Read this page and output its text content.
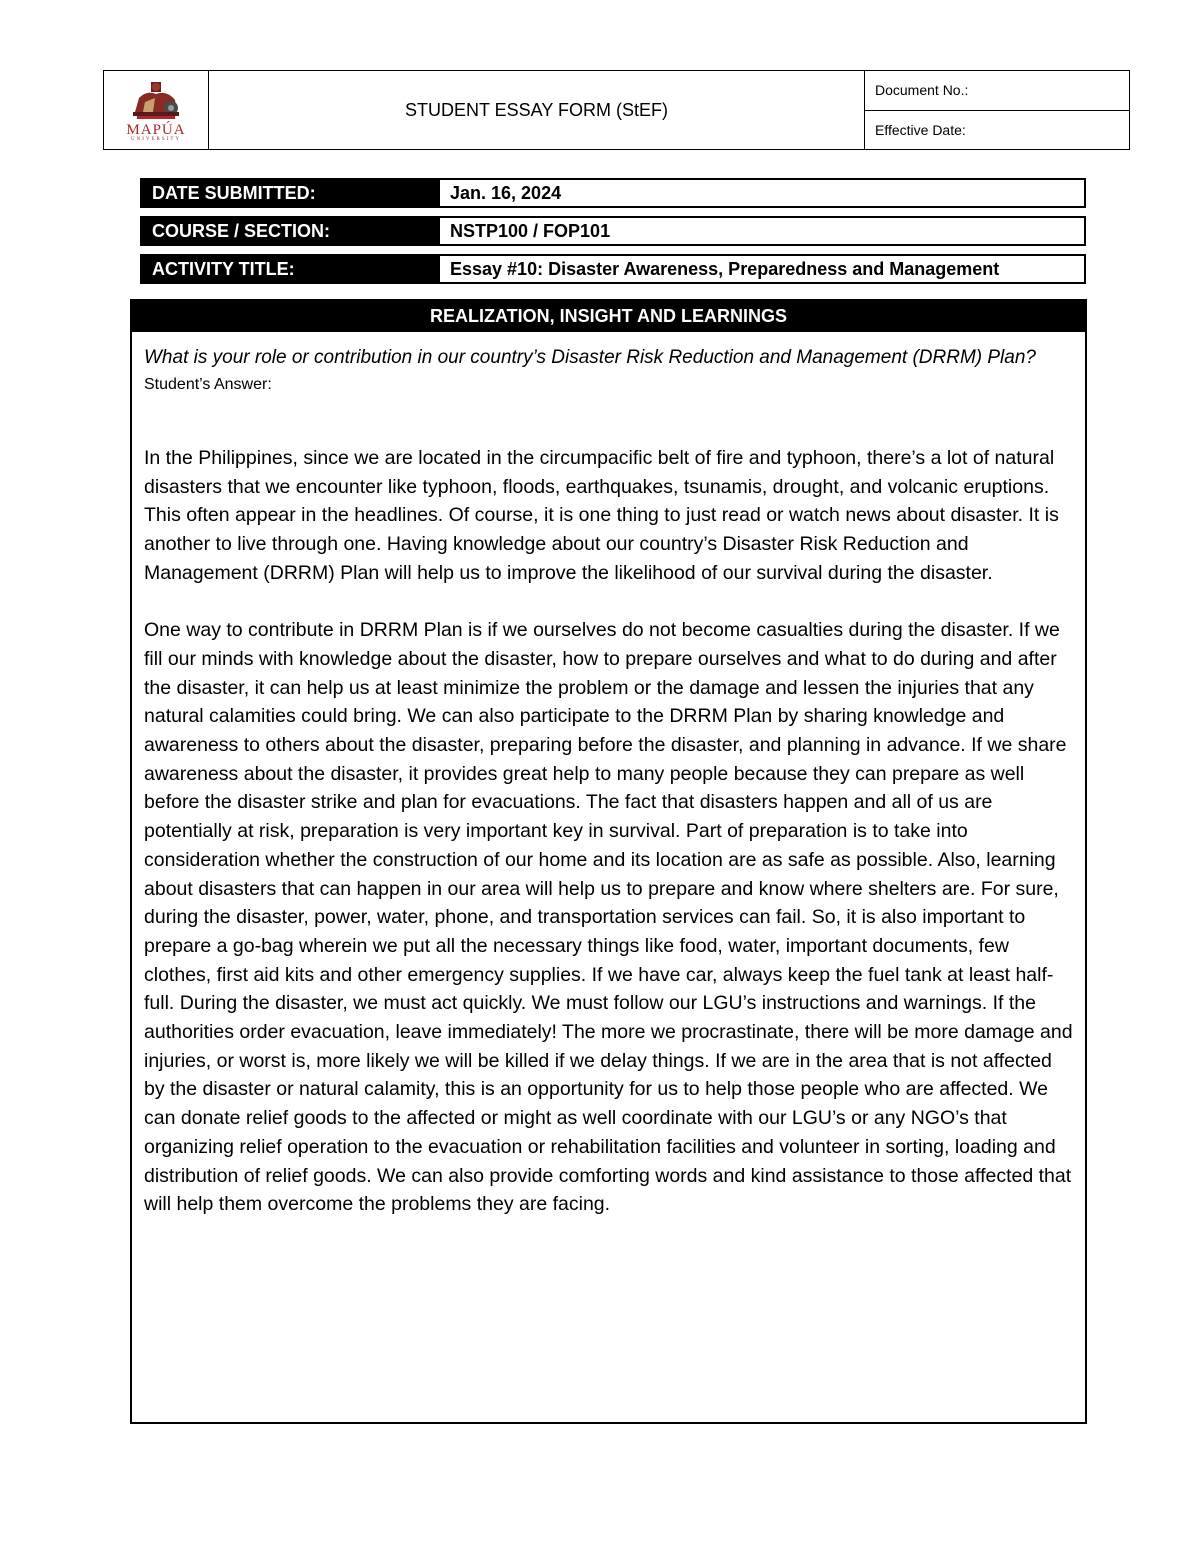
MAPÚA
UNIVERSITY
STUDENT ESSAY FORM (StEF)
Document No.:
Effective Date:
DATE SUBMITTED:	Jan. 16, 2024
COURSE / SECTION:	NSTP100 / FOP101
ACTIVITY TITLE:	Essay #10: Disaster Awareness, Preparedness and Management
REALIZATION, INSIGHT AND LEARNINGS
What is your role or contribution in our country’s Disaster Risk Reduction and Management (DRRM) Plan?
Student’s Answer:

In the Philippines, since we are located in the circumpacific belt of fire and typhoon, there’s a lot of natural disasters that we encounter like typhoon, floods, earthquakes, tsunamis, drought, and volcanic eruptions. This often appear in the headlines. Of course, it is one thing to just read or watch news about disaster. It is another to live through one. Having knowledge about our country’s Disaster Risk Reduction and Management (DRRM) Plan will help us to improve the likelihood of our survival during the disaster.

One way to contribute in DRRM Plan is if we ourselves do not become casualties during the disaster. If we fill our minds with knowledge about the disaster, how to prepare ourselves and what to do during and after the disaster, it can help us at least minimize the problem or the damage and lessen the injuries that any natural calamities could bring. We can also participate to the DRRM Plan by sharing knowledge and awareness to others about the disaster, preparing before the disaster, and planning in advance. If we share awareness about the disaster, it provides great help to many people because they can prepare as well before the disaster strike and plan for evacuations. The fact that disasters happen and all of us are potentially at risk, preparation is very important key in survival. Part of preparation is to take into consideration whether the construction of our home and its location are as safe as possible. Also, learning about disasters that can happen in our area will help us to prepare and know where shelters are. For sure, during the disaster, power, water, phone, and transportation services can fail. So, it is also important to prepare a go-bag wherein we put all the necessary things like food, water, important documents, few clothes, first aid kits and other emergency supplies. If we have car, always keep the fuel tank at least half-full. During the disaster, we must act quickly. We must follow our LGU’s instructions and warnings. If the authorities order evacuation, leave immediately! The more we procrastinate, there will be more damage and injuries, or worst is, more likely we will be killed if we delay things. If we are in the area that is not affected by the disaster or natural calamity, this is an opportunity for us to help those people who are affected. We can donate relief goods to the affected or might as well coordinate with our LGU’s or any NGO’s that organizing relief operation to the evacuation or rehabilitation facilities and volunteer in sorting, loading and distribution of relief goods. We can also provide comforting words and kind assistance to those affected that will help them overcome the problems they are facing.
